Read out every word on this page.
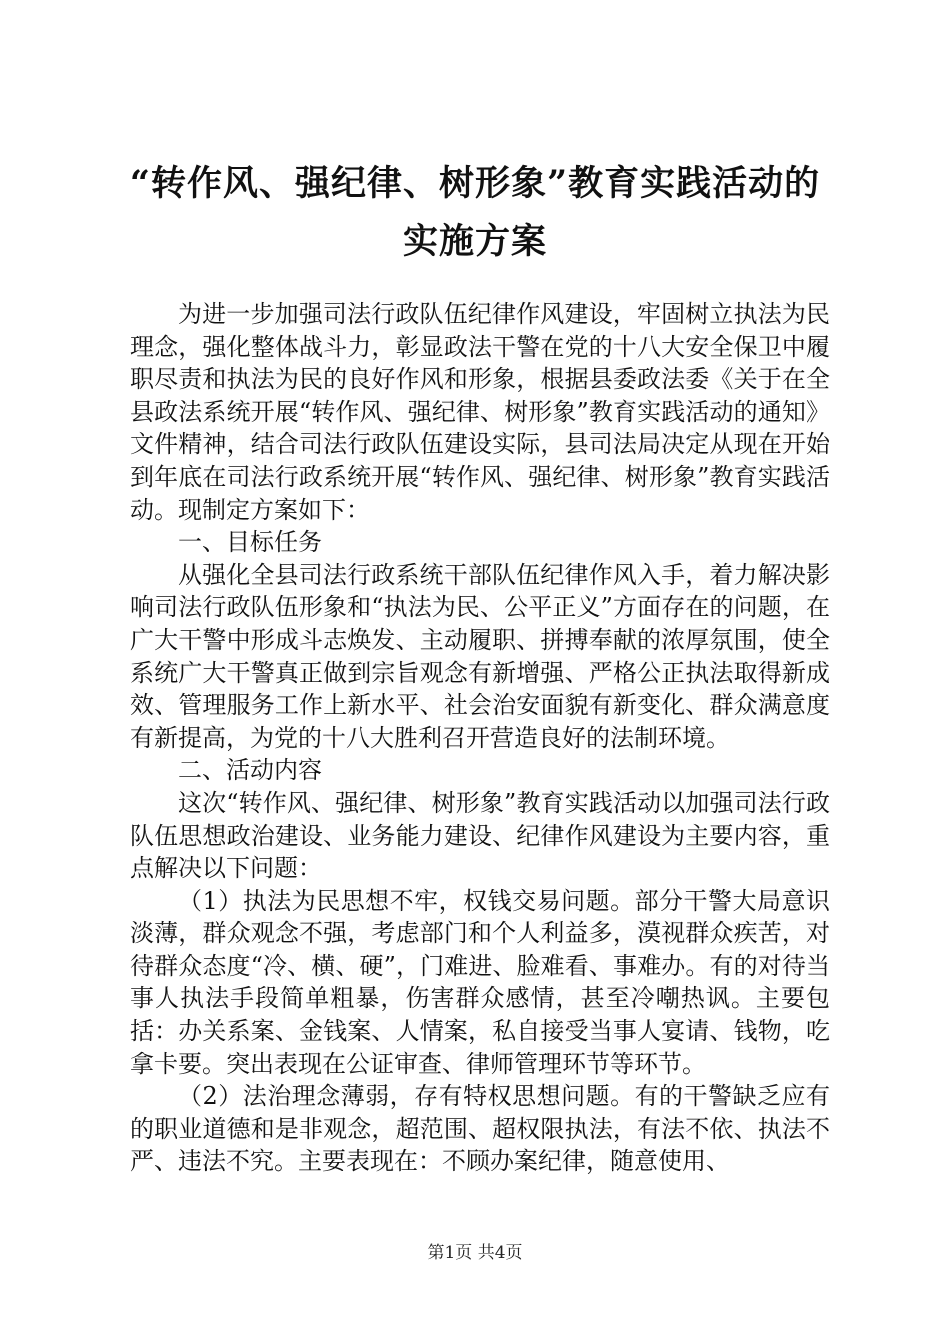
“转作风、强纪律、树形象”教育实践活动的
实施方案

为进一步加强司法行政队伍纪律作风建设，牢固树立执法为民理念，强化整体战斗力，彰显政法干警在党的十八大安全保卫中履职尽责和执法为民的良好作风和形象，根据县委政法委《关于在全县政法系统开展“转作风、强纪律、树形象”教育实践活动的通知》文件精神，结合司法行政队伍建设实际，县司法局决定从现在开始到年底在司法行政系统开展“转作风、强纪律、树形象”教育实践活动。现制定方案如下：

一、目标任务

从强化全县司法行政系统干部队伍纪律作风入手，着力解决影响司法行政队伍形象和“执法为民、公平正义”方面存在的问题，在广大干警中形成斗志焕发、主动履职、拼搏奉献的浓厚氛围，使全系统广大干警真正做到宗旨观念有新增强、严格公正执法取得新成效、管理服务工作上新水平、社会治安面貌有新变化、群众满意度有新提高，为党的十八大胜利召开营造良好的法制环境。

二、活动内容

这次“转作风、强纪律、树形象”教育实践活动以加强司法行政队伍思想政治建设、业务能力建设、纪律作风建设为主要内容，重点解决以下问题：

（1）执法为民思想不牢，权钱交易问题。部分干警大局意识淡薄，群众观念不强，考虑部门和个人利益多，漠视群众疾苦，对待群众态度“冷、横、硬”，门难进、脸难看、事难办。有的对待当事人执法手段简单粗暴，伤害群众感情，甚至冷嘲热讽。主要包括：办关系案、金钱案、人情案，私自接受当事人宴请、钱物，吃拿卡要。突出表现在公证审查、律师管理环节等环节。

（2）法治理念薄弱，存有特权思想问题。有的干警缺乏应有的职业道德和是非观念，超范围、超权限执法，有法不依、执法不严、违法不究。主要表现在：不顾办案纪律，随意使用、

第1页 共4页
